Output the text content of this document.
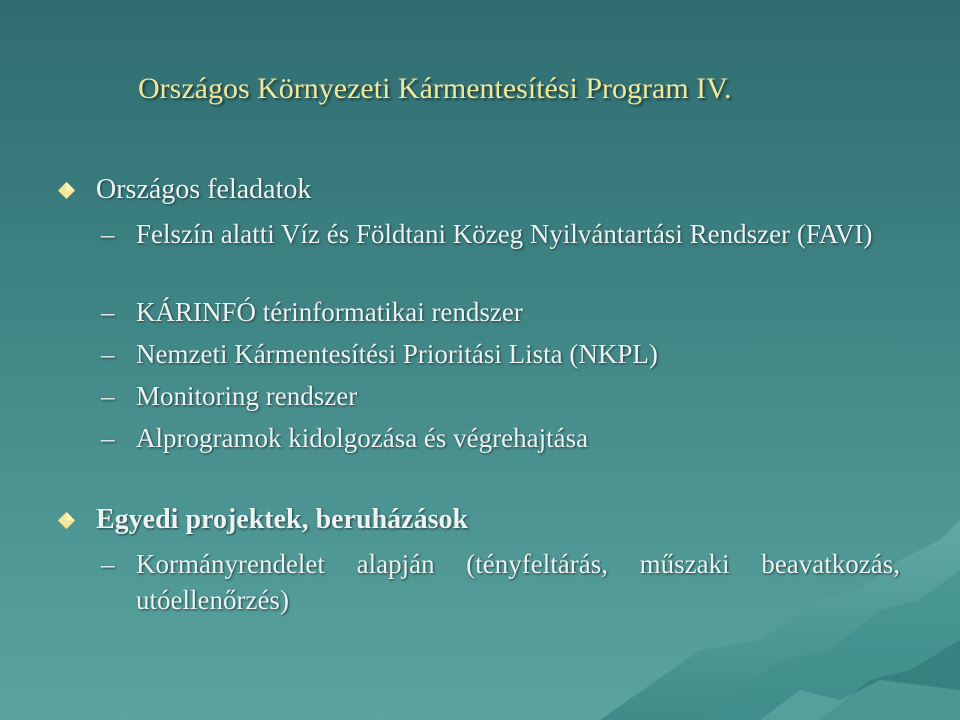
Országos Környezeti Kármentesítési Program IV.
Országos feladatok
– Felszín alatti Víz és Földtani Közeg Nyilvántartási Rendszer (FAVI)
– KÁRINFÓ térinformatikai rendszer
– Nemzeti Kármentesítési Prioritási Lista (NKPL)
– Monitoring rendszer
– Alprogramok kidolgozása és végrehajtása
Egyedi projektek, beruházások
– Kormányrendelet alapján (tényfeltárás, műszaki beavatkozás, utóellenőrzés)
